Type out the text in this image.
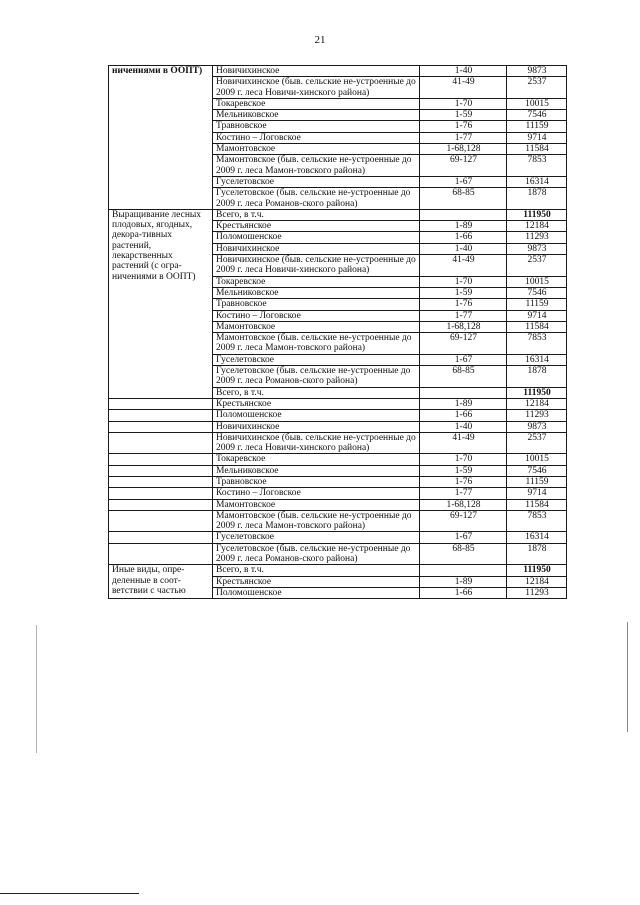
21
ничениями в ООПТ)	Новичихинское	1-40	9873
	Новичихинское (быв. сельские не-устроенные до 2009 г. леса Новичи-хинского района)	41-49	2537
	Токаревское	1-70	10015
	Мельниковское	1-59	7546
	Травновское	1-76	11159
	Костино – Логовское	1-77	9714
	Мамонтовское	1-68,128	11584
	Мамонтовское (быв. сельские не-устроенные до 2009 г. леса Мамон-товского района)	69-127	7853
	Гуселетовское	1-67	16314
	Гуселетовское (быв. сельские не-устроенные до 2009 г. леса Романов-ского района)	68-85	1878
Выращивание лесных плодовых, ягодных, декора-тивных растений, лекарственных растений (с огра-ничениями в ООПТ)	Всего, в т.ч.		111950
	Крестьянское	1-89	12184
	Поломошенское	1-66	11293
	Новичихинское	1-40	9873
	Новичихинское (быв. сельские не-устроенные до 2009 г. леса Новичи-хинского района)	41-49	2537
	Токаревское	1-70	10015
	Мельниковское	1-59	7546
	Травновское	1-76	11159
	Костино – Логовское	1-77	9714
	Мамонтовское	1-68,128	11584
	Мамонтовское (быв. сельские не-устроенные до 2009 г. леса Мамон-товского района)	69-127	7853
	Гуселетовское	1-67	16314
	Гуселетовское (быв. сельские не-устроенные до 2009 г. леса Романов-ского района)	68-85	1878
	Всего, в т.ч.		111950
	Крестьянское	1-89	12184
	Поломошенское	1-66	11293
	Новичихинское	1-40	9873
	Новичихинское (быв. сельские не-устроенные до 2009 г. леса Новичи-хинского района)	41-49	2537
	Токаревское	1-70	10015
	Мельниковское	1-59	7546
	Травновское	1-76	11159
	Костино – Логовское	1-77	9714
	Мамонтовское	1-68,128	11584
	Мамонтовское (быв. сельские не-устроенные до 2009 г. леса Мамон-товского района)	69-127	7853
	Гуселетовское	1-67	16314
	Гуселетовское (быв. сельские не-устроенные до 2009 г. леса Романов-ского района)	68-85	1878
Иные виды, опре-деленные в соот-ветствии с частью	Всего, в т.ч.		111950
	Крестьянское	1-89	12184
	Поломошенское	1-66	11293
